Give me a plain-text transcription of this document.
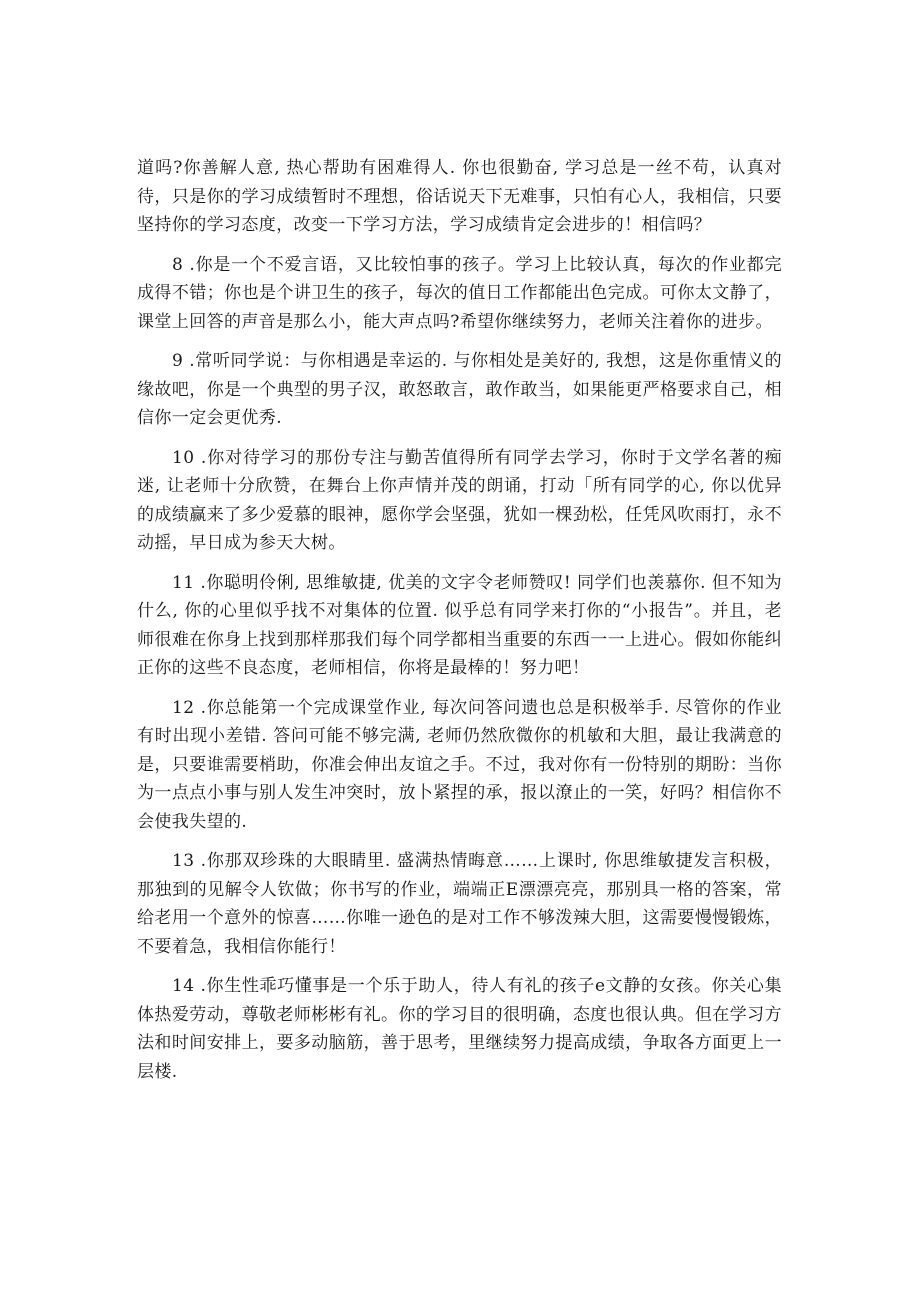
道吗?你善解人意, 热心帮助有困难得人. 你也很勤奋, 学习总是一丝不苟，认真对待，只是你的学习成绩暂时不理想，俗话说天下无难事，只怕有心人，我相信，只要坚持你的学习态度，改变一下学习方法，学习成绩肯定会进步的！相信吗？

8 .你是一个不爱言语，又比较怕事的孩子。学习上比较认真，每次的作业都完成得不错；你也是个讲卫生的孩子，每次的值日工作都能出色完成。可你太文静了，课堂上回答的声音是那么小，能大声点吗?希望你继续努力，老师关注着你的进步。

9 .常听同学说：与你相遇是幸运的. 与你相处是美好的, 我想，这是你重情义的缘故吧，你是一个典型的男子汉，敢怒敢言，敢作敢当，如果能更严格要求自己，相信你一定会更优秀.

10 .你对待学习的那份专注与勤苦值得所有同学去学习，你时于文学名著的痴迷, 让老师十分欣赞，在舞台上你声情并茂的朗诵，打动「所有同学的心, 你以优异的成绩赢来了多少爱慕的眼神，愿你学会坚强，犹如一棵劲松，任凭风吹雨打，永不动摇，早日成为参天大树。

11 .你聪明伶俐, 思维敏捷, 优美的文字令老师赞叹! 同学们也羡慕你. 但不知为什么, 你的心里似乎找不对集体的位置. 似乎总有同学来打你的“小报告”。并且，老师很难在你身上找到那样那我们每个同学都相当重要的东西一一上进心。假如你能纠正你的这些不良态度，老师相信，你将是最棒的！努力吧！

12 .你总能第一个完成课堂作业, 每次问答问遗也总是积极举手. 尽管你的作业有时出现小差错. 答问可能不够完满, 老师仍然欣微你的机敏和大胆，最让我满意的是，只要谁需要梢助，你准会伸出友谊之手。不过，我对你有一份特别的期盼：当你为一点点小事与别人发生冲突时，放卜紧捏的承，报以潦止的一笑，好吗？相信你不会使我失望的.

13 .你那双珍珠的大眼睛里. 盛满热情晦意……上课时, 你思维敏捷发言积极，那独到的见解令人钦做；你书写的作业，端端正E漂漂亮亮，那别具一格的答案，常给老用一个意外的惊喜……你唯一逊色的是对工作不够泼辣大胆，这需要慢慢锻炼，不要着急，我相信你能行！

14 .你生性乖巧懂事是一个乐于助人，待人有礼的孩子e文静的女孩。你关心集体热爱劳动，尊敬老师彬彬有礼。你的学习目的很明确，态度也很认典。但在学习方法和时间安排上，要多动脑筋，善于思考，里继续努力提高成绩，争取各方面更上一层楼.
